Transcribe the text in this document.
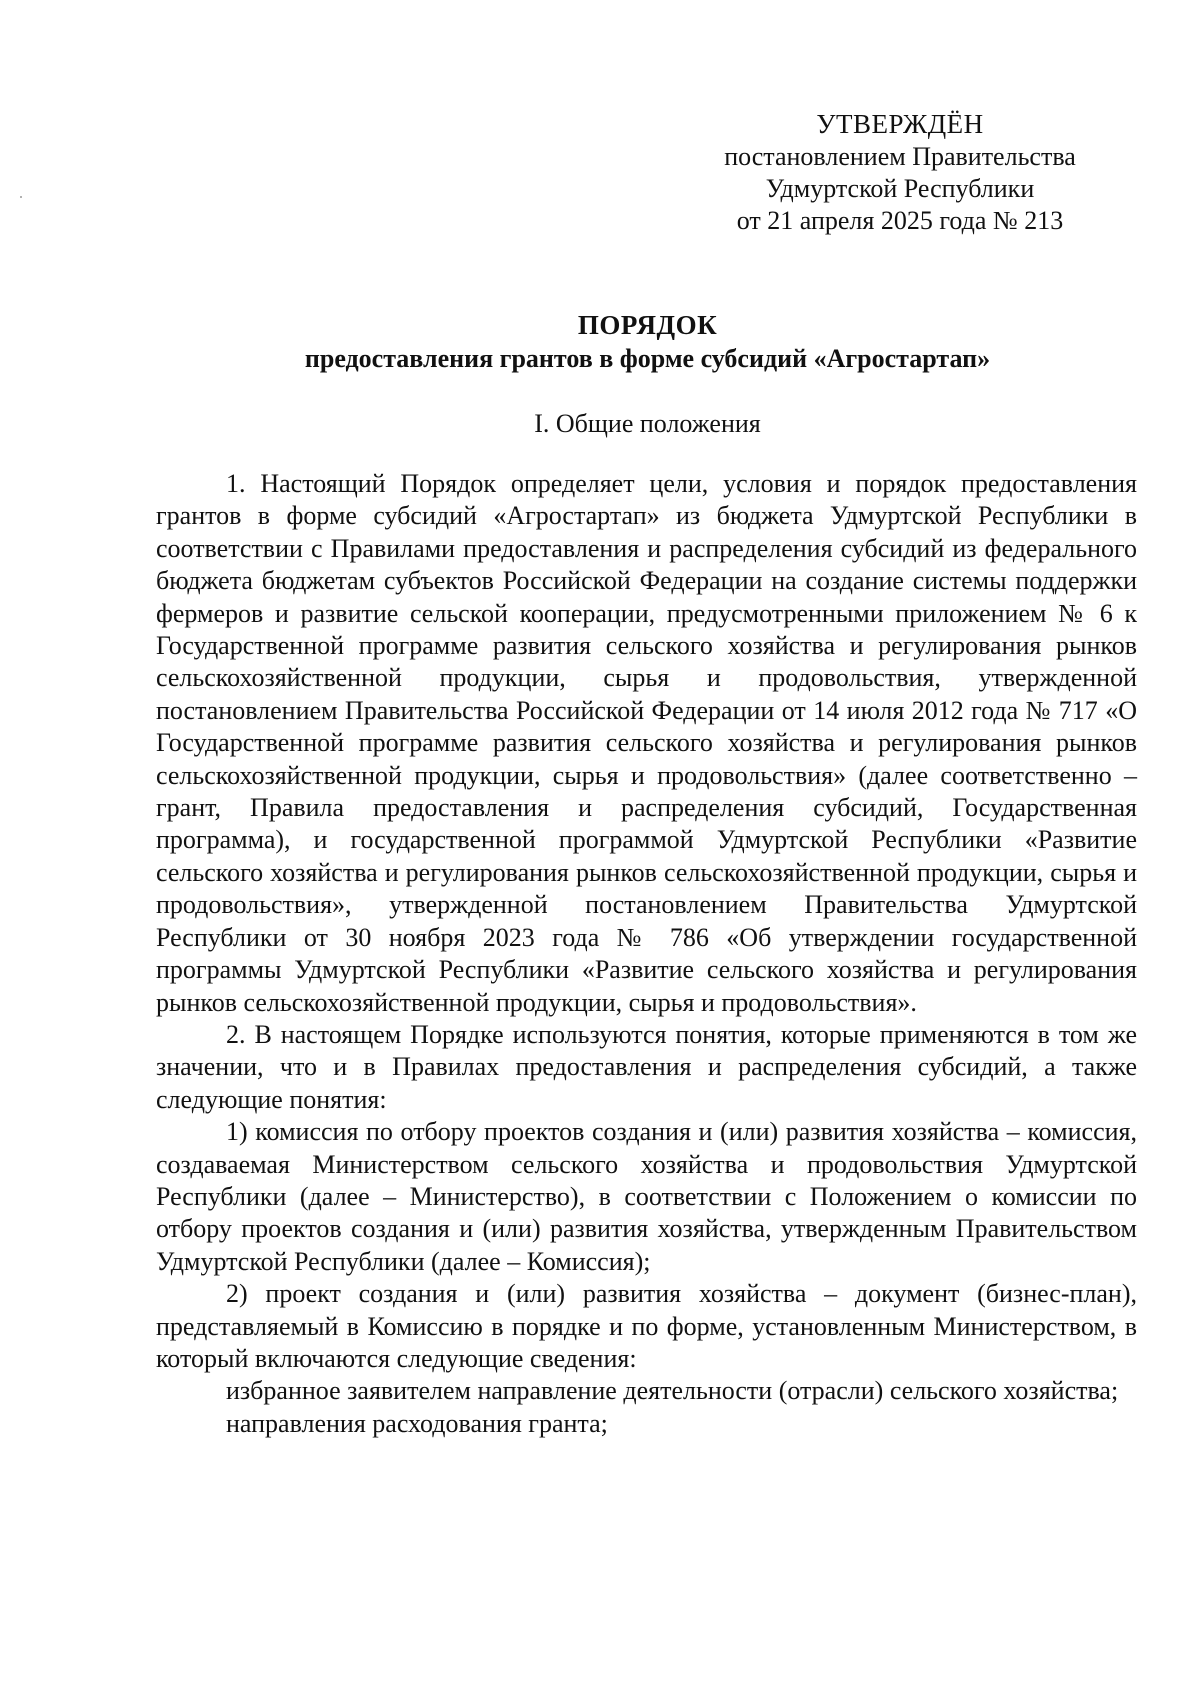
УТВЕРЖДЁН
постановлением Правительства
Удмуртской Республики
от 21 апреля 2025 года № 213
ПОРЯДОК
предоставления грантов в форме субсидий «Агростартап»
I. Общие положения

1. Настоящий Порядок определяет цели, условия и порядок предоставления грантов в форме субсидий «Агростартап» из бюджета Удмуртской Республики в соответствии с Правилами предоставления и распределения субсидий из федерального бюджета бюджетам субъектов Российской Федерации на создание системы поддержки фермеров и развитие сельской кооперации, предусмотренными приложением № 6 к Государственной программе развития сельского хозяйства и регулирования рынков сельскохозяйственной продукции, сырья и продовольствия, утвержденной постановлением Правительства Российской Федерации от 14 июля 2012 года № 717 «О Государственной программе развития сельского хозяйства и регулирования рынков сельскохозяйственной продукции, сырья и продовольствия» (далее соответственно – грант, Правила предоставления и распределения субсидий, Государственная программа), и государственной программой Удмуртской Республики «Развитие сельского хозяйства и регулирования рынков сельскохозяйственной продукции, сырья и продовольствия», утвержденной постановлением Правительства Удмуртской Республики от 30 ноября 2023 года № 786 «Об утверждении государственной программы Удмуртской Республики «Развитие сельского хозяйства и регулирования рынков сельскохозяйственной продукции, сырья и продовольствия».

2. В настоящем Порядке используются понятия, которые применяются в том же значении, что и в Правилах предоставления и распределения субсидий, а также следующие понятия:

1) комиссия по отбору проектов создания и (или) развития хозяйства – комиссия, создаваемая Министерством сельского хозяйства и продовольствия Удмуртской Республики (далее – Министерство), в соответствии с Положением о комиссии по отбору проектов создания и (или) развития хозяйства, утвержденным Правительством Удмуртской Республики (далее – Комиссия);

2) проект создания и (или) развития хозяйства – документ (бизнес-план), представляемый в Комиссию в порядке и по форме, установленным Министерством, в который включаются следующие сведения:

избранное заявителем направление деятельности (отрасли) сельского хозяйства;

направления расходования гранта;
